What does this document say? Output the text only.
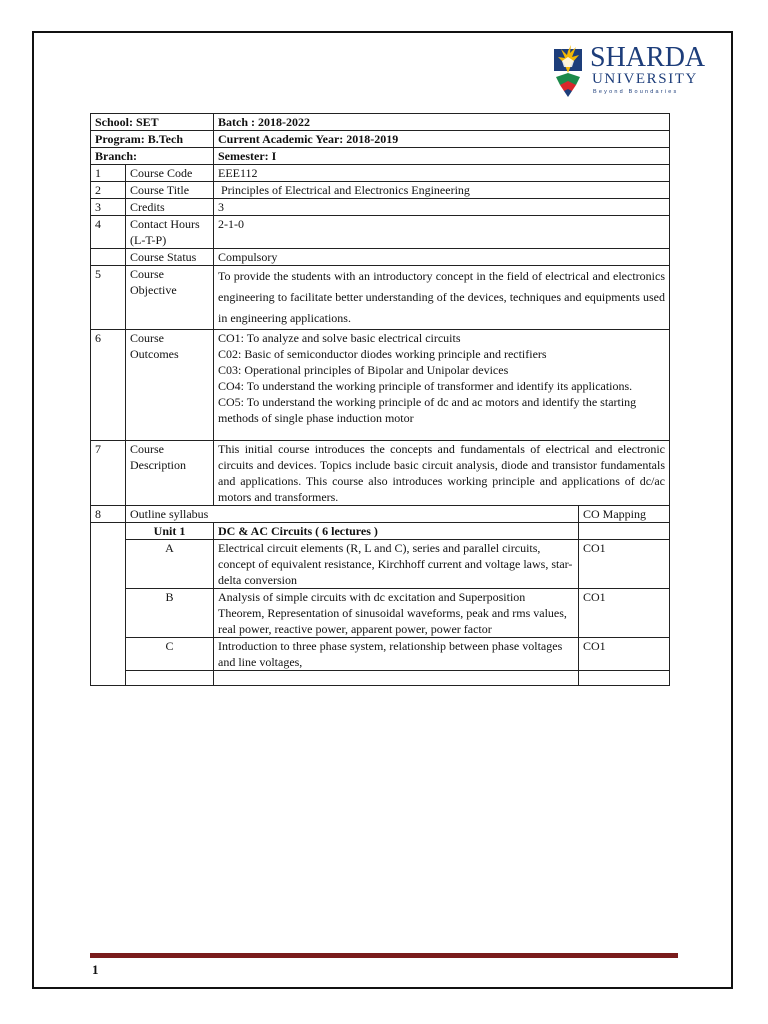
SHARDA
UNIVERSITY
Beyond Boundaries
School: SET		Batch : 2018-2022	
Program: B.Tech		Current Academic Year: 2018-2019	
Branch:		Semester: I	
1	Course Code	EEE112	
2	Course Title	Principles of Electrical and Electronics Engineering	
3	Credits	3	
4	Contact Hours (L-T-P)	2-1-0	
	Course Status	Compulsory	
5	Course Objective	To provide the students with an introductory concept in the field of electrical and electronics engineering to facilitate better understanding of the devices, techniques and equipments used in engineering applications.	
6	Course Outcomes	CO1: To analyze and solve basic electrical circuits
C02: Basic of semiconductor diodes working principle and rectifiers
C03: Operational principles of Bipolar and Unipolar devices
CO4: To understand the working principle of transformer and identify its applications.
CO5: To understand the working principle of dc and ac motors and identify the starting methods of single phase induction motor	

7	Course Description	This initial course introduces the concepts and fundamentals of electrical and electronic circuits and devices. Topics include basic circuit analysis, diode and transistor fundamentals and applications. This course also introduces working principle and applications of dc/ac motors and transformers.	
8	Outline syllabus		CO Mapping
	Unit 1	DC & AC Circuits ( 6 lectures )	
	A	Electrical circuit elements (R, L and C), series and parallel circuits, concept of equivalent resistance, Kirchhoff current and voltage laws, star-delta conversion	CO1
	B	Analysis of simple circuits with dc excitation and Superposition Theorem, Representation of sinusoidal waveforms, peak and rms values, real power, reactive power, apparent power, power factor	CO1
	C	Introduction to three phase system, relationship between phase voltages and line voltages,	CO1

1
